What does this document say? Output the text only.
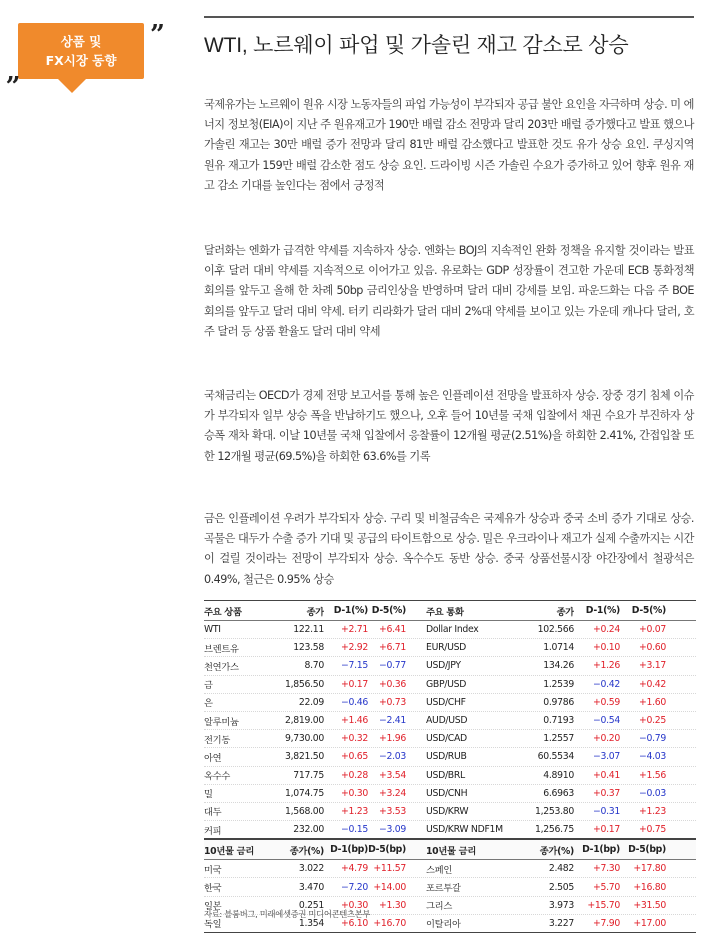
상품 및
FX시장 동향
”
„
WTI, 노르웨이 파업 및 가솔린 재고 감소로 상승
국제유가는 노르웨이 원유 시장 노동자들의 파업 가능성이 부각되자 공급 불안 요인을 자극하며 상승. 미 에너지 정보청(EIA)이 지난 주 원유재고가 190만 배럴 감소 전망과 달리 203만 배럴 증가했다고 발표 했으나 가솔린 재고는 30만 배럴 증가 전망과 달리 81만 배럴 감소했다고 발표한 것도 유가 상승 요인. 쿠싱지역 원유 재고가 159만 배럴 감소한 점도 상승 요인. 드라이빙 시즌 가솔린 수요가 증가하고 있어 향후 원유 재고 감소 기대를 높인다는 점에서 긍정적
달러화는 엔화가 급격한 약세를 지속하자 상승. 엔화는 BOJ의 지속적인 완화 정책을 유지할 것이라는 발표 이후 달러 대비 약세를 지속적으로 이어가고 있음. 유로화는 GDP 성장률이 견고한 가운데 ECB 통화정책 회의를 앞두고 올해 한 차례 50bp 금리인상을 반영하며 달러 대비 강세를 보임. 파운드화는 다음 주 BOE 회의를 앞두고 달러 대비 약세. 터키 리라화가 달러 대비 2%대 약세를 보이고 있는 가운데 캐나다 달러, 호주 달러 등 상품 환율도 달러 대비 약세
국채금리는 OECD가 경제 전망 보고서를 통해 높은 인플레이션 전망을 발표하자 상승. 장중 경기 침체 이슈가 부각되자 일부 상승 폭을 반납하기도 했으나, 오후 들어 10년물 국채 입찰에서 채권 수요가 부진하자 상승폭 재차 확대. 이날 10년물 국채 입찰에서 응찰률이 12개월 평균(2.51%)을 하회한 2.41%, 간접입찰 또한 12개월 평균(69.5%)을 하회한 63.6%를 기록
금은 인플레이션 우려가 부각되자 상승. 구리 및 비철금속은 국제유가 상승과 중국 소비 증가 기대로 상승. 곡물은 대두가 수출 증가 기대 및 공급의 타이트함으로 상승. 밀은 우크라이나 재고가 실제 수출까지는 시간이 걸릴 것이라는 전망이 부각되자 상승. 옥수수도 동반 상승. 중국 상품선물시장 야간장에서 철광석은 0.49%, 철근은 0.95% 상승
주요 상품	종가	D-1(%) D-5(%)	주요 통화	종가	D-1(%)	D-5(%)
WTI	122.11	+2.71	+6.41	Dollar Index	102.566	+0.24	+0.07
브렌트유	123.58	+2.92	+6.71	EUR/USD	1.0714	+0.10	+0.60
천연가스	8.70	−7.15	−0.77	USD/JPY	134.26	+1.26	+3.17
금	1,856.50	+0.17	+0.36	GBP/USD	1.2539	−0.42	+0.42
은	22.09	−0.46	+0.73	USD/CHF	0.9786	+0.59	+1.60
알루미늄	2,819.00	+1.46	−2.41	AUD/USD	0.7193	−0.54	+0.25
전기동	9,730.00	+0.32	+1.96	USD/CAD	1.2557	+0.20	−0.79
아연	3,821.50	+0.65	−2.03	USD/RUB	60.5534	−3.07	−4.03
옥수수	717.75	+0.28	+3.54	USD/BRL	4.8910	+0.41	+1.56
밀	1,074.75	+0.30	+3.24	USD/CNH	6.6963	+0.37	−0.03
대두	1,568.00	+1.23	+3.53	USD/KRW	1,253.80	−0.31	+1.23
커피	232.00	−0.15	−3.09	USD/KRW NDF1M	1,256.75	+0.17	+0.75
10년물 금리	종가(%) D-1(bp) D-5(bp)	10년물 금리	종가(%) D-1(bp) D-5(bp)
미국	3.022	+4.79 +11.57	스페인	2.482	+7.30	+17.80
한국	3.470	−7.20 +14.00	포르투갈	2.505	+5.70	+16.80
일본	0.251	+0.30	+1.30	그리스	3.973	+15.70	+31.50
독일	1.354	+6.10 +16.70	이탈리아	3.227	+7.90	+17.00
자료: 블룸버그, 미래에셋증권 미디어콘텐츠본부
